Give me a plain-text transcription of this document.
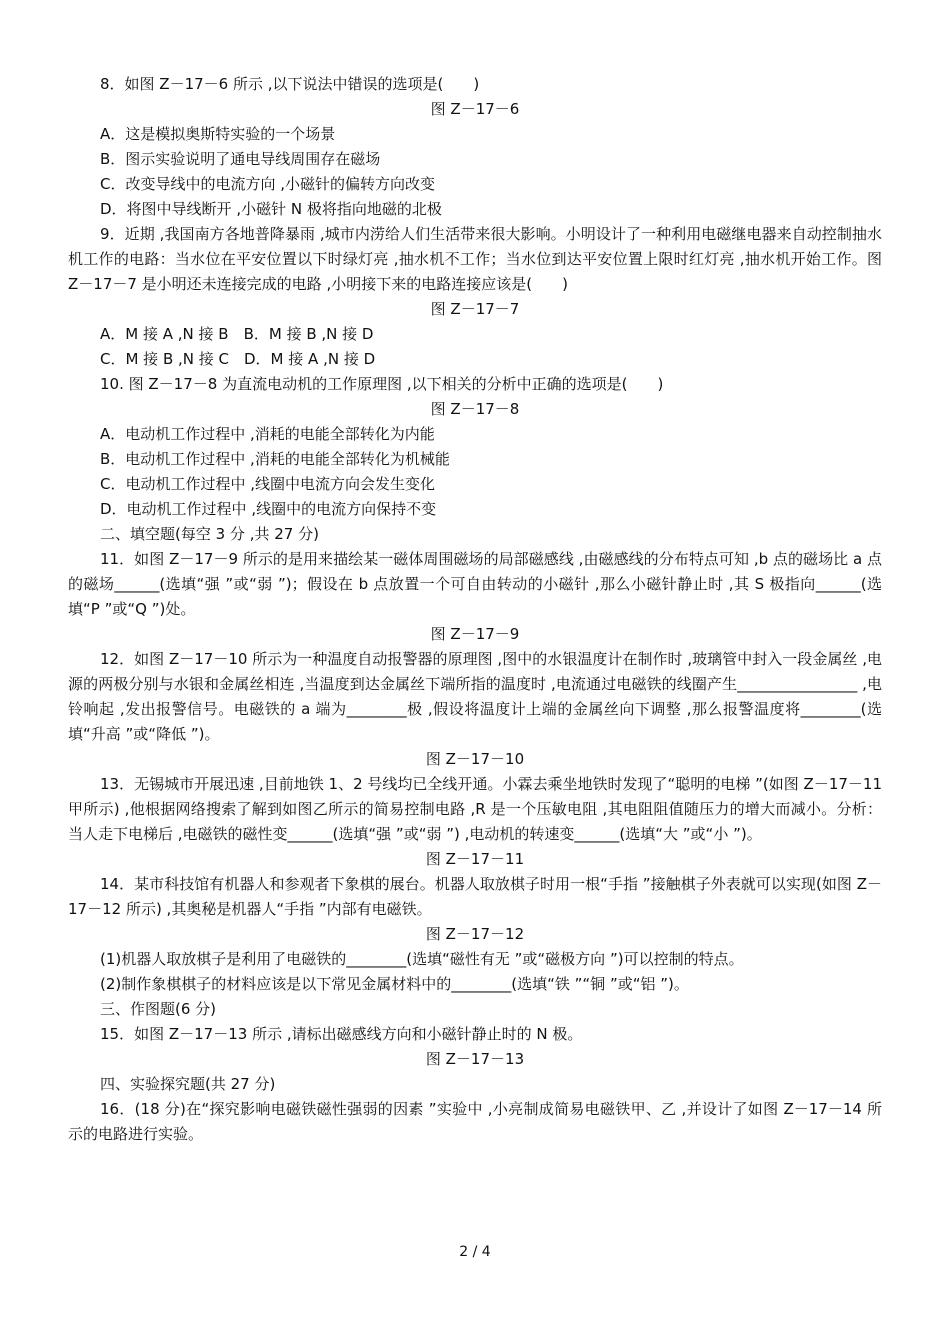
8．如图 Z－17－6 所示 ,以下说法中错误的选项是(　　)

图 Z－17－6

A．这是模拟奥斯特实验的一个场景

B．图示实验说明了通电导线周围存在磁场

C．改变导线中的电流方向 ,小磁针的偏转方向改变

D．将图中导线断开 ,小磁针 N 极将指向地磁的北极

9．近期 ,我国南方各地普降暴雨 ,城市内涝给人们生活带来很大影响。小明设计了一种利用电磁继电器来自动控制抽水机工作的电路：当水位在平安位置以下时绿灯亮 ,抽水机不工作；当水位到达平安位置上限时红灯亮 ,抽水机开始工作。图 Z－17－7 是小明还未连接完成的电路 ,小明接下来的电路连接应该是(　　)

图 Z－17－7

A．M 接 A ,N 接 B　B．M 接 B ,N 接 D

C．M 接 B ,N 接 C　D．M 接 A ,N 接 D

10. 图 Z－17－8 为直流电动机的工作原理图 ,以下相关的分析中正确的选项是(　　)

图 Z－17－8

A．电动机工作过程中 ,消耗的电能全部转化为内能

B．电动机工作过程中 ,消耗的电能全部转化为机械能

C．电动机工作过程中 ,线圈中电流方向会发生变化

D．电动机工作过程中 ,线圈中的电流方向保持不变

二、填空题(每空 3 分 ,共 27 分)

11．如图 Z－17－9 所示的是用来描绘某一磁体周围磁场的局部磁感线 ,由磁感线的分布特点可知 ,b 点的磁场比 a 点的磁场______(选填“强 ”或“弱 ”)；假设在 b 点放置一个可自由转动的小磁针 ,那么小磁针静止时 ,其 S 极指向______(选填“P ”或“Q ”)处。

图 Z－17－9

12．如图 Z－17－10 所示为一种温度自动报警器的原理图 ,图中的水银温度计在制作时 ,玻璃管中封入一段金属丝 ,电源的两极分别与水银和金属丝相连 ,当温度到达金属丝下端所指的温度时 ,电流通过电磁铁的线圈产生________________ ,电铃响起 ,发出报警信号。电磁铁的 a 端为________极 ,假设将温度计上端的金属丝向下调整 ,那么报警温度将________(选填“升高 ”或“降低 ”)。

图 Z－17－10

13．无锡城市开展迅速 ,目前地铁 1、2 号线均已全线开通。小霖去乘坐地铁时发现了“聪明的电梯 ”(如图 Z－17－11 甲所示) ,他根据网络搜索了解到如图乙所示的简易控制电路 ,R 是一个压敏电阻 ,其电阻阻值随压力的增大而减小。分析：当人走下电梯后 ,电磁铁的磁性变______(选填“强 ”或“弱 ”) ,电动机的转速变______(选填“大 ”或“小 ”)。

图 Z－17－11

14．某市科技馆有机器人和参观者下象棋的展台。机器人取放棋子时用一根“手指 ”接触棋子外表就可以实现(如图 Z－17－12 所示) ,其奥秘是机器人“手指 ”内部有电磁铁。

图 Z－17－12

(1)机器人取放棋子是利用了电磁铁的________(选填“磁性有无 ”或“磁极方向 ”)可以控制的特点。

(2)制作象棋棋子的材料应该是以下常见金属材料中的________(选填“铁 ”“铜 ”或“铝 ”)。

三、作图题(6 分)

15．如图 Z－17－13 所示 ,请标出磁感线方向和小磁针静止时的 N 极。

图 Z－17－13

四、实验探究题(共 27 分)

16．(18 分)在“探究影响电磁铁磁性强弱的因素 ”实验中 ,小亮制成简易电磁铁甲、乙 ,并设计了如图 Z－17－14 所示的电路进行实验。

2 / 4
